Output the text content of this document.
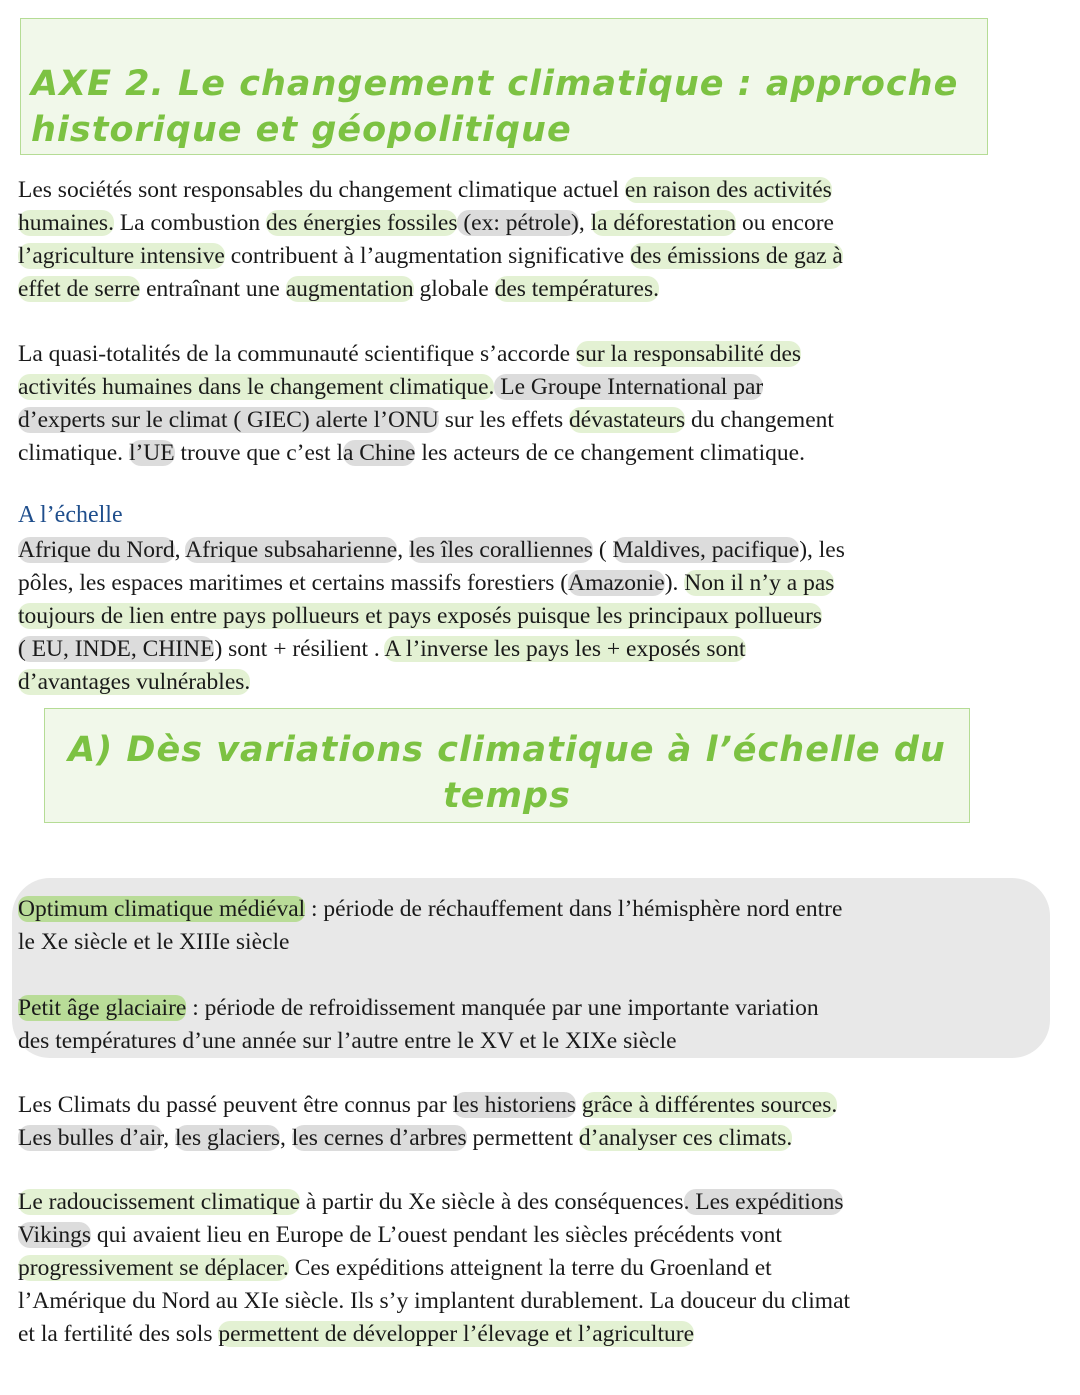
AXE 2. Le changement climatique : approche
historique et géopolitique
Les sociétés sont responsables du changement climatique actuel en raison des activités
humaines. La combustion des énergies fossiles (ex: pétrole), la déforestation ou encore
l’agriculture intensive contribuent à l’augmentation significative des émissions de gaz à
effet de serre entraînant une augmentation globale des températures.
La quasi-totalités de la communauté scientifique s’accorde sur la responsabilité des
activités humaines dans le changement climatique. Le Groupe International par
d’experts sur le climat ( GIEC) alerte l’ONU sur les effets dévastateurs du changement
climatique. l’UE trouve que c’est la Chine les acteurs de ce changement climatique.
A l’échelle
Afrique du Nord, Afrique subsaharienne, les îles coralliennes ( Maldives, pacifique), les
pôles, les espaces maritimes et certains massifs forestiers (Amazonie). Non il n’y a pas
toujours de lien entre pays pollueurs et pays exposés puisque les principaux pollueurs
( EU, INDE, CHINE) sont + résilient . A l’inverse les pays les + exposés sont
d’avantages vulnérables.
A) Dès variations climatique à l’échelle du
temps
Optimum climatique médiéval : période de réchauffement dans l’hémisphère nord entre
le Xe siècle et le XIIIe siècle
Petit âge glaciaire : période de refroidissement manquée par une importante variation
des températures d’une année sur l’autre entre le XV et le XIXe siècle
Les Climats du passé peuvent être connus par les historiens grâce à différentes sources.
Les bulles d’air, les glaciers, les cernes d’arbres permettent d’analyser ces climats.
Le radoucissement climatique à partir du Xe siècle à des conséquences. Les expéditions
Vikings qui avaient lieu en Europe de L’ouest pendant les siècles précédents vont
progressivement se déplacer. Ces expéditions atteignent la terre du Groenland et
l’Amérique du Nord au XIe siècle. Ils s’y implantent durablement. La douceur du climat
et la fertilité des sols permettent de développer l’élevage et l’agriculture
